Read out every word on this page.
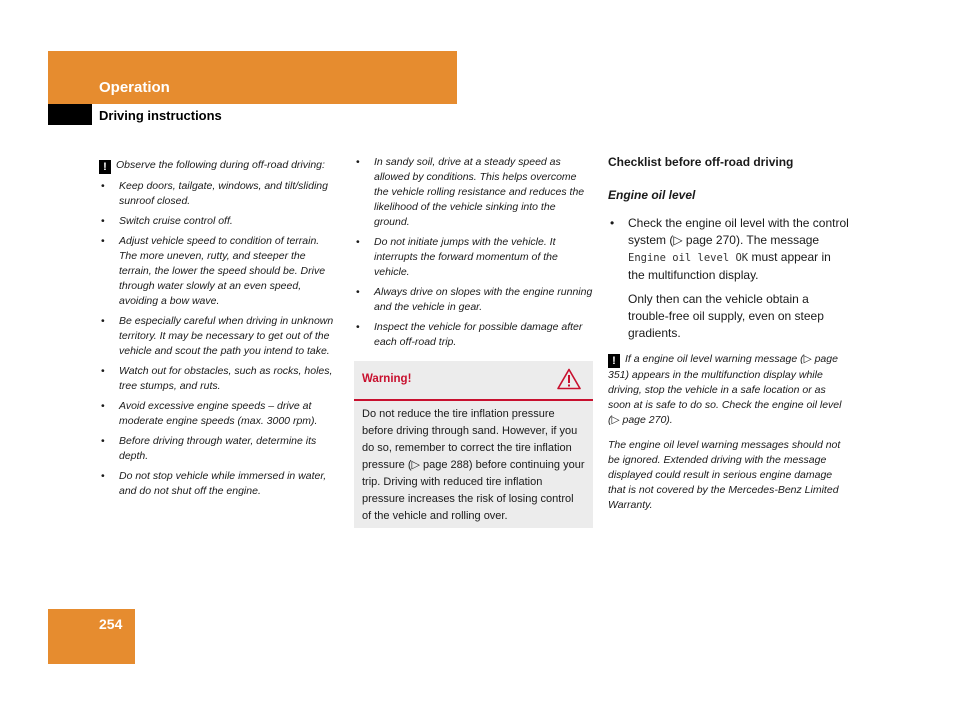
Operation
Driving instructions

! Observe the following during off-road driving:

• Keep doors, tailgate, windows, and tilt/sliding sunroof closed.
• Switch cruise control off.
• Adjust vehicle speed to condition of terrain. The more uneven, rutty, and steeper the terrain, the lower the speed should be. Drive through water slowly at an even speed, avoiding a bow wave.
• Be especially careful when driving in unknown territory. It may be necessary to get out of the vehicle and scout the path you intend to take.
• Watch out for obstacles, such as rocks, holes, tree stumps, and ruts.
• Avoid excessive engine speeds – drive at moderate engine speeds (max. 3000 rpm).
• Before driving through water, determine its depth.
• Do not stop vehicle while immersed in water, and do not shut off the engine.
• In sandy soil, drive at a steady speed as allowed by conditions. This helps overcome the vehicle rolling resistance and reduces the likelihood of the vehicle sinking into the ground.
• Do not initiate jumps with the vehicle. It interrupts the forward momentum of the vehicle.
• Always drive on slopes with the engine running and the vehicle in gear.
• Inspect the vehicle for possible damage after each off-road trip.
Warning!
Do not reduce the tire inflation pressure before driving through sand. However, if you do so, remember to correct the tire inflation pressure (▷ page 288) before continuing your trip. Driving with reduced tire inflation pressure increases the risk of losing control of the vehicle and rolling over.

Checklist before off-road driving

Engine oil level

• Check the engine oil level with the control system (▷ page 270). The message Engine oil level OK must appear in the multifunction display.

Only then can the vehicle obtain a trouble-free oil supply, even on steep gradients.

! If a engine oil level warning message (▷ page 351) appears in the multifunction display while driving, stop the vehicle in a safe location or as soon at is safe to do so. Check the engine oil level (▷ page 270).

The engine oil level warning messages should not be ignored. Extended driving with the message displayed could result in serious engine damage that is not covered by the Mercedes-Benz Limited Warranty.

254
